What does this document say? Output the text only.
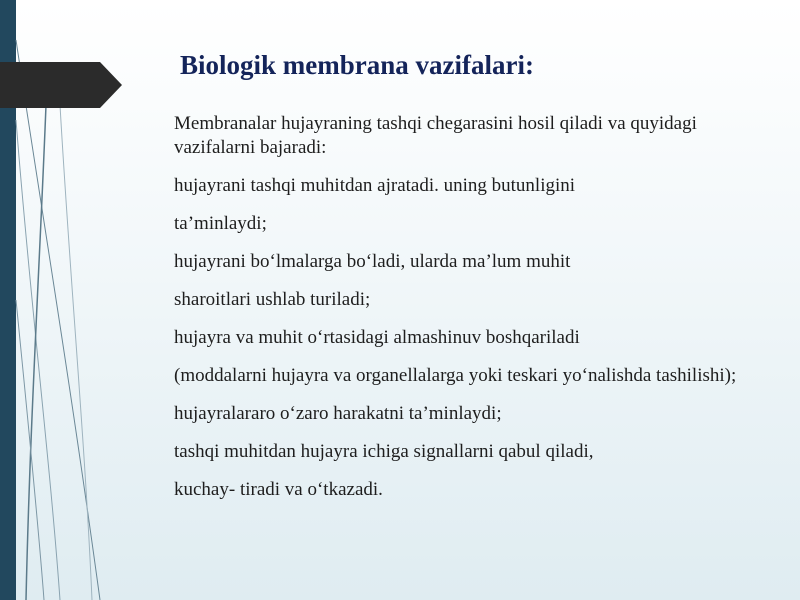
Biologik membrana vazifalari:
Membranalar hujayraning tashqi chegarasini hosil qiladi va quyidagi vazifalarni bajaradi:
hujayrani tashqi muhitdan ajratadi. uning butunligini
ta’minlaydi;
hujayrani bo‘lmalarga bo‘ladi, ularda ma’lum muhit
sharoitlari ushlab turiladi;
hujayra va muhit o‘rtasidagi almashinuv boshqariladi
(moddalarni hujayra va organellalarga yoki teskari yo‘nalishda tashilishi);
hujayralararo o‘zaro harakatni ta’minlaydi;
tashqi muhitdan hujayra ichiga signallarni qabul qiladi,
kuchay- tiradi va o‘tkazadi.
